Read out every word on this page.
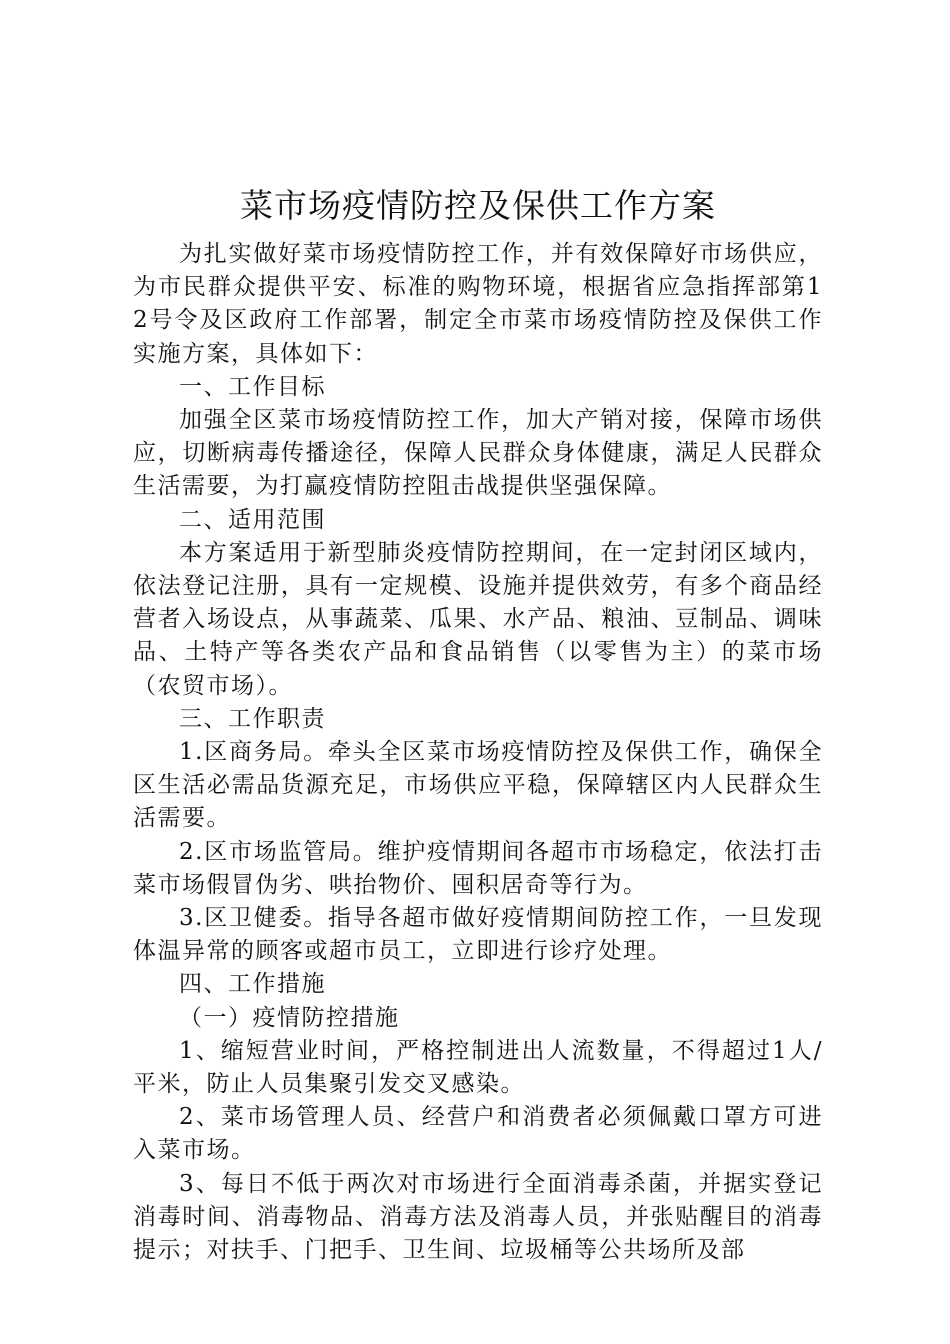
菜市场疫情防控及保供工作方案

为扎实做好菜市场疫情防控工作，并有效保障好市场供应，为市民群众提供平安、标准的购物环境，根据省应急指挥部第12号令及区政府工作部署，制定全市菜市场疫情防控及保供工作实施方案，具体如下：

一、工作目标

加强全区菜市场疫情防控工作，加大产销对接，保障市场供应，切断病毒传播途径，保障人民群众身体健康，满足人民群众生活需要，为打赢疫情防控阻击战提供坚强保障。

二、适用范围

本方案适用于新型肺炎疫情防控期间，在一定封闭区域内，依法登记注册，具有一定规模、设施并提供效劳，有多个商品经营者入场设点，从事蔬菜、瓜果、水产品、粮油、豆制品、调味品、土特产等各类农产品和食品销售（以零售为主）的菜市场（农贸市场）。

三、工作职责

1.区商务局。牵头全区菜市场疫情防控及保供工作，确保全区生活必需品货源充足，市场供应平稳，保障辖区内人民群众生活需要。

2.区市场监管局。维护疫情期间各超市市场稳定，依法打击菜市场假冒伪劣、哄抬物价、囤积居奇等行为。

3.区卫健委。指导各超市做好疫情期间防控工作，一旦发现体温异常的顾客或超市员工，立即进行诊疗处理。

四、工作措施

（一）疫情防控措施

1、缩短营业时间，严格控制进出人流数量，不得超过1人/平米，防止人员集聚引发交叉感染。

2、菜市场管理人员、经营户和消费者必须佩戴口罩方可进入菜市场。

3、每日不低于两次对市场进行全面消毒杀菌，并据实登记消毒时间、消毒物品、消毒方法及消毒人员，并张贴醒目的消毒提示；对扶手、门把手、卫生间、垃圾桶等公共场所及部
